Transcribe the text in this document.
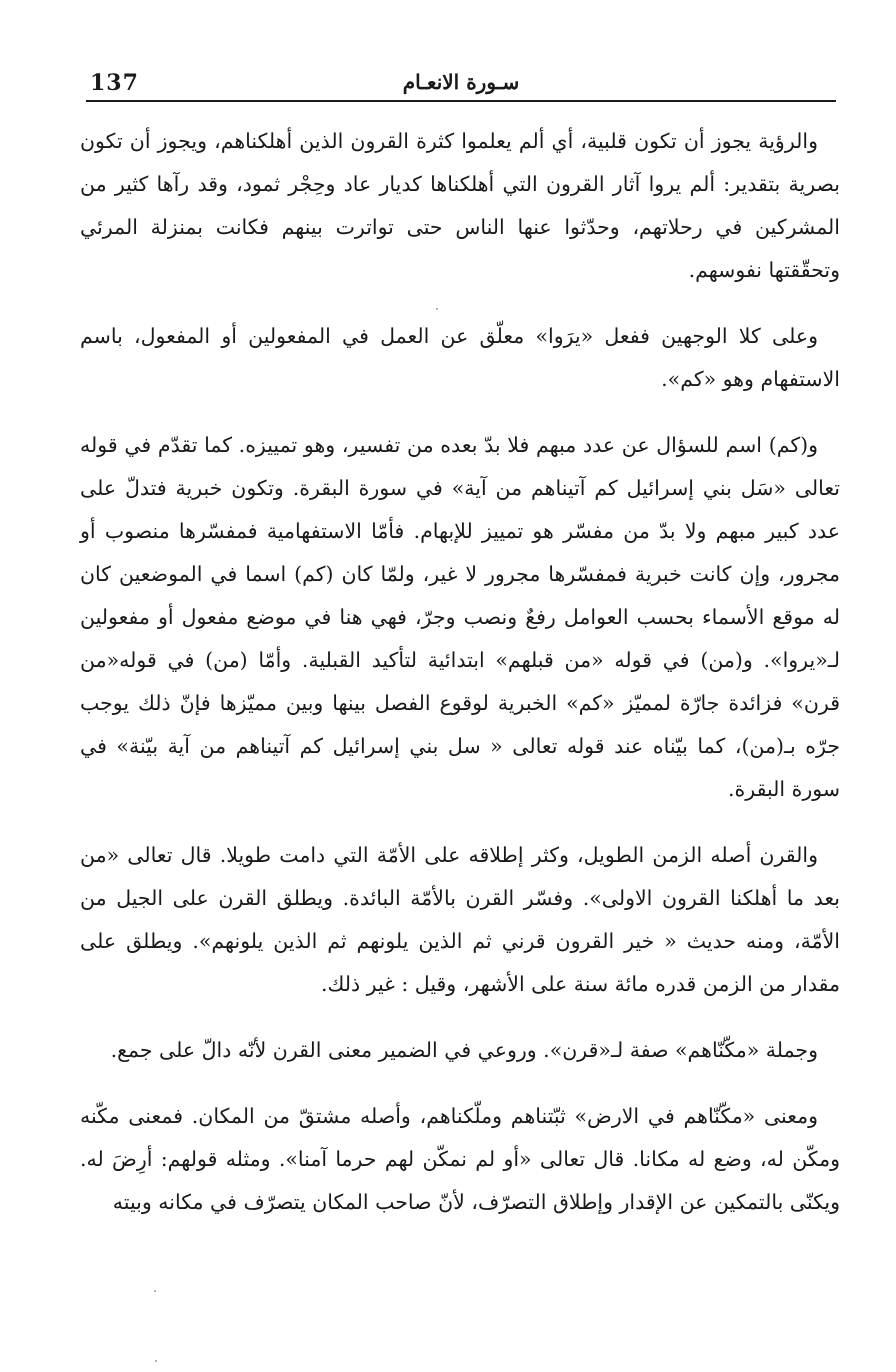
137	سـورة الانعـام

والرؤية يجوز أن تكون قلبية، أي ألم يعلموا كثرة القرون الذين أهلكناهم، ويجوز أن تكون بصرية بتقدير: ألم يروا آثار القرون التي أهلكناها كديار عاد وحِجْر ثمود، وقد رآها كثير من المشركين في رحلاتهم، وحدّثوا عنها الناس حتى تواترت بينهم فكانت بمنزلة المرئي وتحقّقتها نفوسهم.

وعلى كلا الوجهين ففعل «يرَوا» معلّق عن العمل في المفعولين أو المفعول، باسم الاستفهام وهو «كم».

و(كم) اسم للسؤال عن عدد مبهم فلا بدّ بعده من تفسير، وهو تمييزه. كما تقدّم في قوله تعالى «سَل بني إسرائيل كم آتيناهم من آية» في سورة البقرة. وتكون خبرية فتدلّ على عدد كبير مبهم ولا بدّ من مفسّر هو تمييز للإبهام. فأمّا الاستفهامية فمفسّرها منصوب أو مجرور، وإن كانت خبرية فمفسّرها مجرور لا غير، ولمّا كان (كم) اسما في الموضعين كان له موقع الأسماء بحسب العوامل رفعٌ ونصب وجرّ، فهي هنا في موضع مفعول أو مفعولين لـ«يروا». و(من) في قوله «من قبلهم» ابتدائية لتأكيد القبلية. وأمّا (من) في قوله«من قرن» فزائدة جارّة لمميّز «كم» الخبرية لوقوع الفصل بينها وبين مميّزها فإنّ ذلك يوجب جرّه بـ(من)، كما بيّناه عند قوله تعالى « سل بني إسرائيل كم آتيناهم من آية بيّنة» في سورة البقرة.

والقرن أصله الزمن الطويل، وكثر إطلاقه على الأمّة التي دامت طويلا. قال تعالى «من بعد ما أهلكنا القرون الاولى». وفسّر القرن بالأمّة البائدة. ويطلق القرن على الجيل من الأمّة، ومنه حديث « خير القرون قرني ثم الذين يلونهم ثم الذين يلونهم». ويطلق على مقدار من الزمن قدره مائة سنة على الأشهر، وقيل : غير ذلك.

وجملة «مكّنّاهم» صفة لـ«قرن». وروعي في الضمير معنى القرن لأنّه دالّ على جمع.

ومعنى «مكّنّاهم في الارض» ثبّتناهم وملّكناهم، وأصله مشتقّ من المكان. فمعنى مكّنه ومكّن له، وضع له مكانا. قال تعالى «أو لم نمكّن لهم حرما آمنا». ومثله قولهم: أرِضَ له. ويكنّى بالتمكين عن الإقدار وإطلاق التصرّف، لأنّ صاحب المكان يتصرّف في مكانه وبيته
